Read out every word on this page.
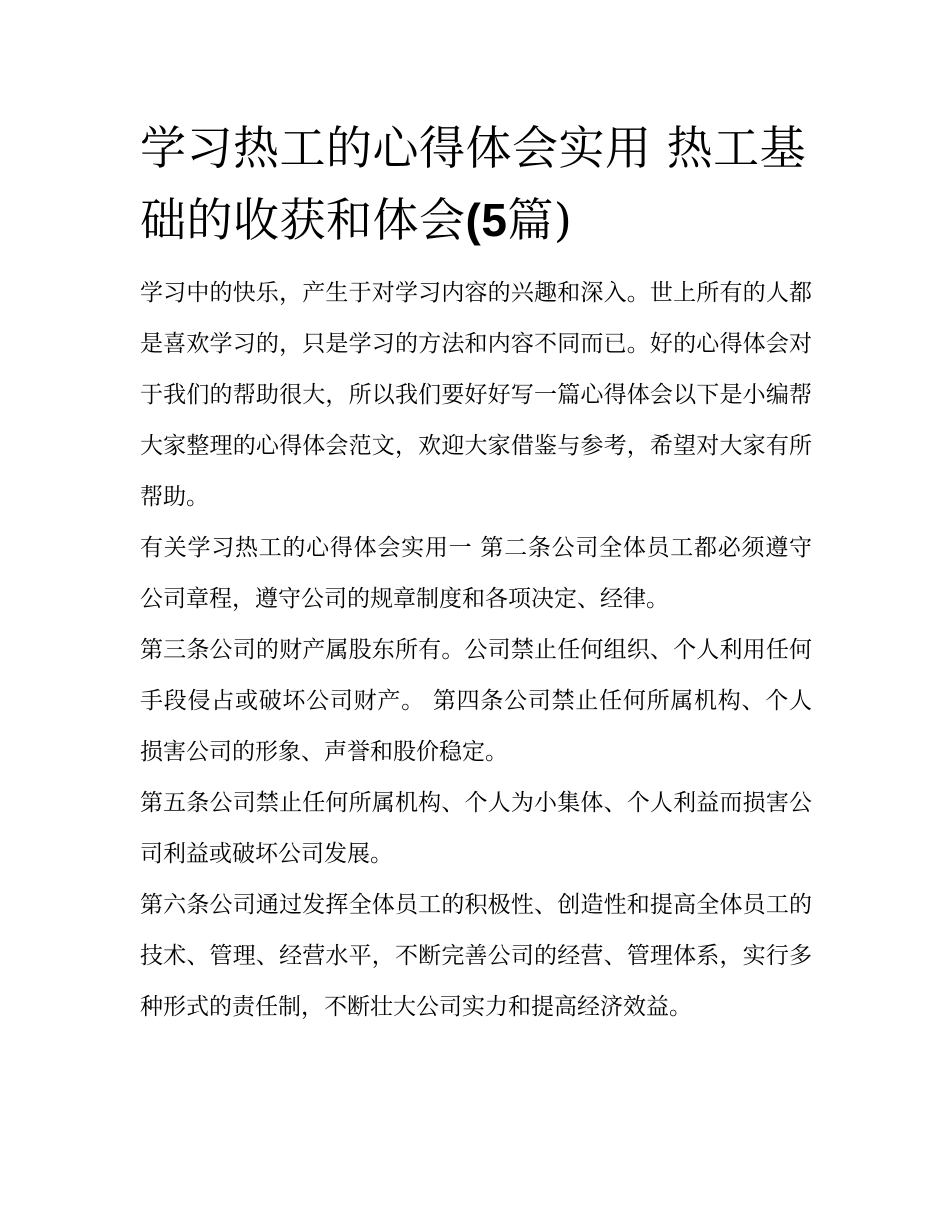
学习热工的心得体会实用 热工基础的收获和体会(5篇)

学习中的快乐，产生于对学习内容的兴趣和深入。世上所有的人都是喜欢学习的，只是学习的方法和内容不同而已。好的心得体会对于我们的帮助很大，所以我们要好好写一篇心得体会以下是小编帮大家整理的心得体会范文，欢迎大家借鉴与参考，希望对大家有所帮助。

有关学习热工的心得体会实用一 第二条公司全体员工都必须遵守公司章程，遵守公司的规章制度和各项决定、经律。

第三条公司的财产属股东所有。公司禁止任何组织、个人利用任何手段侵占或破坏公司财产。 第四条公司禁止任何所属机构、个人损害公司的形象、声誉和股价稳定。

第五条公司禁止任何所属机构、个人为小集体、个人利益而损害公司利益或破坏公司发展。

第六条公司通过发挥全体员工的积极性、创造性和提高全体员工的技术、管理、经营水平，不断完善公司的经营、管理体系，实行多种形式的责任制，不断壮大公司实力和提高经济效益。
